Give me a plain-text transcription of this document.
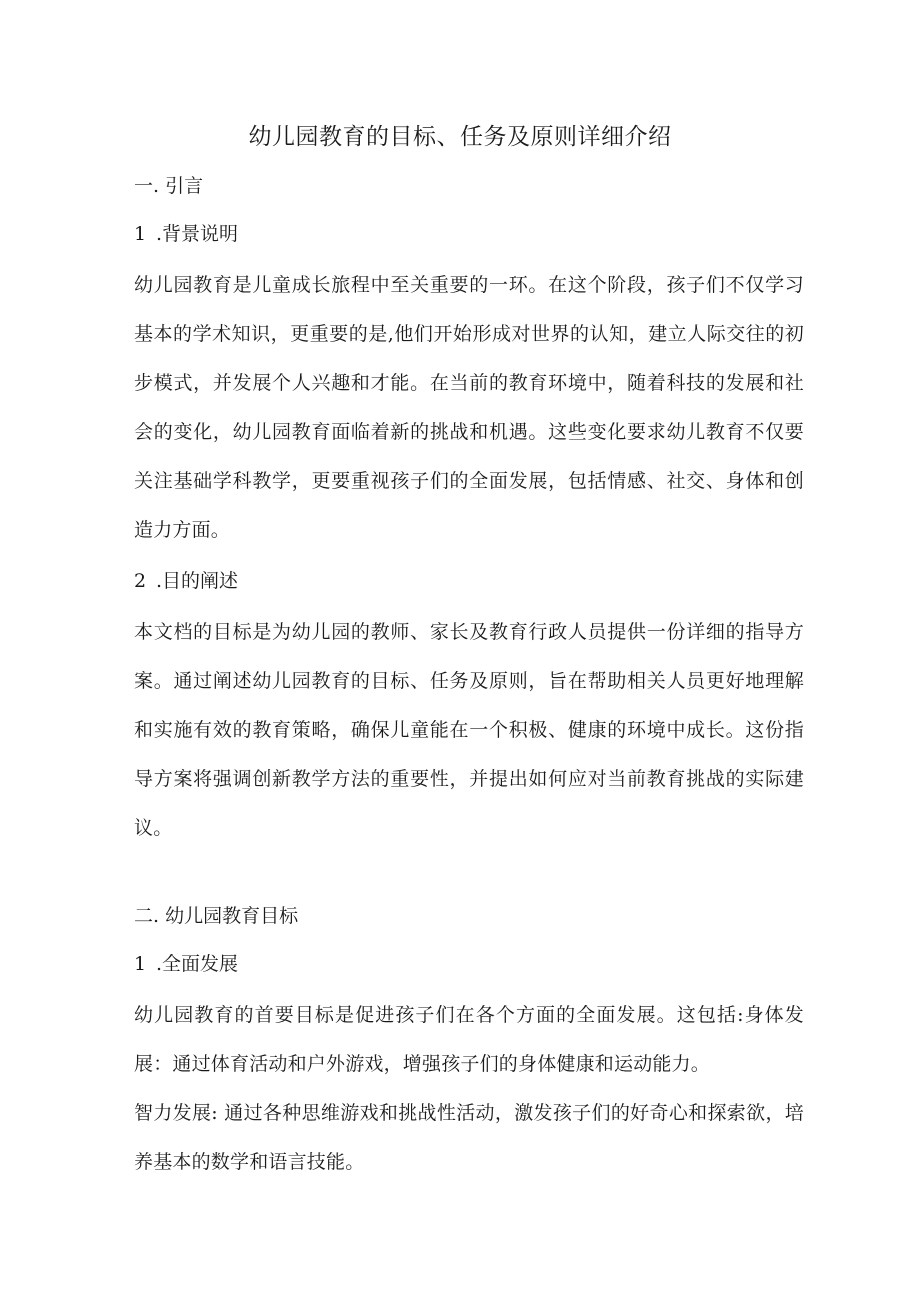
幼儿园教育的目标、任务及原则详细介绍
一. 引言
1 .背景说明

幼儿园教育是儿童成长旅程中至关重要的一环。在这个阶段，孩子们不仅学习基本的学术知识，更重要的是,他们开始形成对世界的认知，建立人际交往的初步模式，并发展个人兴趣和才能。在当前的教育环境中，随着科技的发展和社会的变化，幼儿园教育面临着新的挑战和机遇。这些变化要求幼儿教育不仅要关注基础学科教学，更要重视孩子们的全面发展，包括情感、社交、身体和创造力方面。

2 .目的阐述

本文档的目标是为幼儿园的教师、家长及教育行政人员提供一份详细的指导方案。通过阐述幼儿园教育的目标、任务及原则，旨在帮助相关人员更好地理解和实施有效的教育策略，确保儿童能在一个积极、健康的环境中成长。这份指导方案将强调创新教学方法的重要性，并提出如何应对当前教育挑战的实际建议。

二. 幼儿园教育目标
1 .全面发展

幼儿园教育的首要目标是促进孩子们在各个方面的全面发展。这包括:身体发展：通过体育活动和户外游戏，增强孩子们的身体健康和运动能力。

智力发展: 通过各种思维游戏和挑战性活动，激发孩子们的好奇心和探索欲，培养基本的数学和语言技能。
